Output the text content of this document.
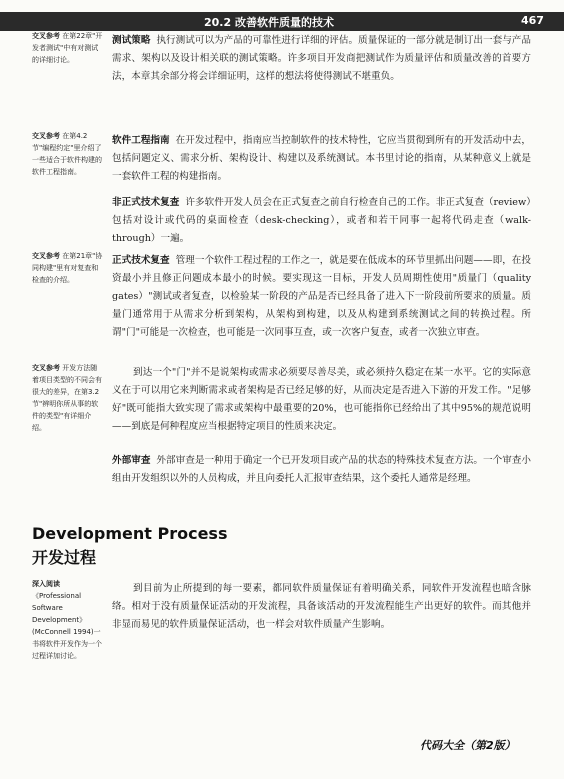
20.2 改善软件质量的技术	467
交叉参考 在第22章"开发者测试"中有对测试的详细讨论。
交叉参考 在第4.2节"编程约定"里介绍了一些适合于软件构建的软件工程指南。
交叉参考 在第21章"协同构建"里有对复查和检查的介绍。
交叉参考 开发方法随着项目类型的不同会有很大的差异，在第3.2节"辨明你所从事的软件的类型"有详细介绍。
深入阅读 《Professional Software Development》(McConnell 1994)一书将软件开发作为一个过程详加讨论。

测试策略 执行测试可以为产品的可靠性进行详细的评估。质量保证的一部分就是制订出一套与产品需求、架构以及设计相关联的测试策略。许多项目开发商把测试作为质量评估和质量改善的首要方法，本章其余部分将会详细证明，这样的想法将使得测试不堪重负。

软件工程指南 在开发过程中，指南应当控制软件的技术特性，它应当贯彻到所有的开发活动中去，包括问题定义、需求分析、架构设计、构建以及系统测试。本书里讨论的指南，从某种意义上就是一套软件工程的构建指南。

非正式技术复查 许多软件开发人员会在正式复查之前自行检查自己的工作。非正式复查（review）包括对设计或代码的桌面检查（desk-checking），或者和若干同事一起将代码走查（walk-through）一遍。

正式技术复查 管理一个软件工程过程的工作之一，就是要在低成本的环节里抓出问题——即，在投资最小并且修正问题成本最小的时候。要实现这一目标，开发人员周期性使用"质量门（quality gates）"测试或者复查，以检验某一阶段的产品是否已经具备了进入下一阶段前所要求的质量。质量门通常用于从需求分析到架构，从架构到构建，以及从构建到系统测试之间的转换过程。所谓"门"可能是一次检查，也可能是一次同事互查，或一次客户复查，或者一次独立审查。

到达一个"门"并不是说架构或需求必须要尽善尽美，或必须持久稳定在某一水平。它的实际意义在于可以用它来判断需求或者架构是否已经足够的好，从而决定是否进入下游的开发工作。"足够好"既可能指大致实现了需求或架构中最重要的20%，也可能指你已经给出了其中95%的规范说明——到底是何种程度应当根据特定项目的性质来决定。

外部审查 外部审查是一种用于确定一个已开发项目或产品的状态的特殊技术复查方法。一个审查小组由开发组织以外的人员构成，并且向委托人汇报审查结果，这个委托人通常是经理。

Development Process
开发过程

到目前为止所提到的每一要素，都同软件质量保证有着明确关系，同软件开发流程也暗含脉络。相对于没有质量保证活动的开发流程，具备该活动的开发流程能生产出更好的软件。而其他并非显而易见的软件质量保证活动，也一样会对软件质量产生影响。

代码大全（第2版）
